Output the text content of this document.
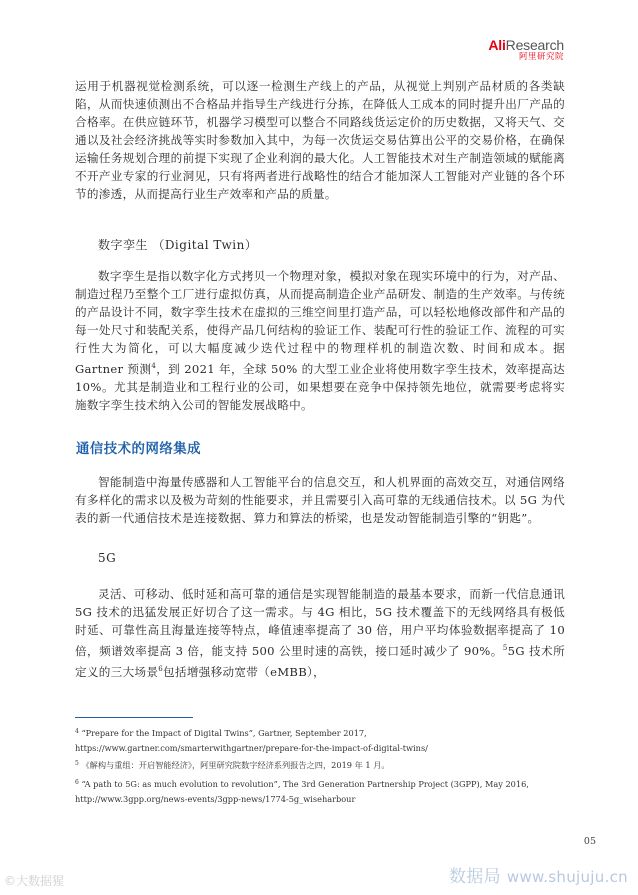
AliResearch
阿里研究院
运用于机器视觉检测系统，可以逐一检测生产线上的产品，从视觉上判别产品材质的各类缺陷，从而快速侦测出不合格品并指导生产线进行分拣，在降低人工成本的同时提升出厂产品的合格率。在供应链环节，机器学习模型可以整合不同路线货运定价的历史数据，又将天气、交通以及社会经济挑战等实时参数加入其中，为每一次货运交易估算出公平的交易价格，在确保运输任务规划合理的前提下实现了企业利润的最大化。人工智能技术对生产制造领域的赋能离不开产业专家的行业洞见，只有将两者进行战略性的结合才能加深人工智能对产业链的各个环节的渗透，从而提高行业生产效率和产品的质量。
数字孪生 （Digital Twin）
数字孪生是指以数字化方式拷贝一个物理对象，模拟对象在现实环境中的行为，对产品、制造过程乃至整个工厂进行虚拟仿真，从而提高制造企业产品研发、制造的生产效率。与传统的产品设计不同，数字孪生技术在虚拟的三维空间里打造产品，可以轻松地修改部件和产品的每一处尺寸和装配关系，使得产品几何结构的验证工作、装配可行性的验证工作、流程的可实行性大为简化，可以大幅度减少迭代过程中的物理样机的制造次数、时间和成本。据 Gartner 预测$^4$，到 2021 年，全球 50% 的大型工业企业将使用数字孪生技术，效率提高达 10%。尤其是制造业和工程行业的公司，如果想要在竞争中保持领先地位，就需要考虑将实施数字孪生技术纳入公司的智能发展战略中。
通信技术的网络集成
智能制造中海量传感器和人工智能平台的信息交互，和人机界面的高效交互，对通信网络有多样化的需求以及极为苛刻的性能要求，并且需要引入高可靠的无线通信技术。以 5G 为代表的新一代通信技术是连接数据、算力和算法的桥梁，也是发动智能制造引擎的“钥匙”。
5G
灵活、可移动、低时延和高可靠的通信是实现智能制造的最基本要求，而新一代信息通讯 5G 技术的迅猛发展正好切合了这一需求。与 4G 相比，5G 技术覆盖下的无线网络具有极低时延、可靠性高且海量连接等特点，峰值速率提高了 30 倍，用户平均体验数据率提高了 10 倍，频谱效率提高 3 倍，能支持 500 公里时速的高铁，接口延时减少了 90%。$^5$5G 技术所定义的三大场景$^6$包括增强移动宽带（eMBB），
$^4$ “Prepare for the Impact of Digital Twins”, Gartner, September 2017,
https://www.gartner.com/smarterwithgartner/prepare-for-the-impact-of-digital-twins/
$^5$ 《解构与重组：开启智能经济》，阿里研究院数字经济系列报告之四，2019 年 1 月。
$^6$ “A path to 5G: as much evolution to revolution”, The 3rd Generation Partnership Project (3GPP), May 2016,
http://www.3gpp.org/news-events/3gpp-news/1774-5g_wiseharbour
05
©大数据猩	数据局 www.shujuju.cn
